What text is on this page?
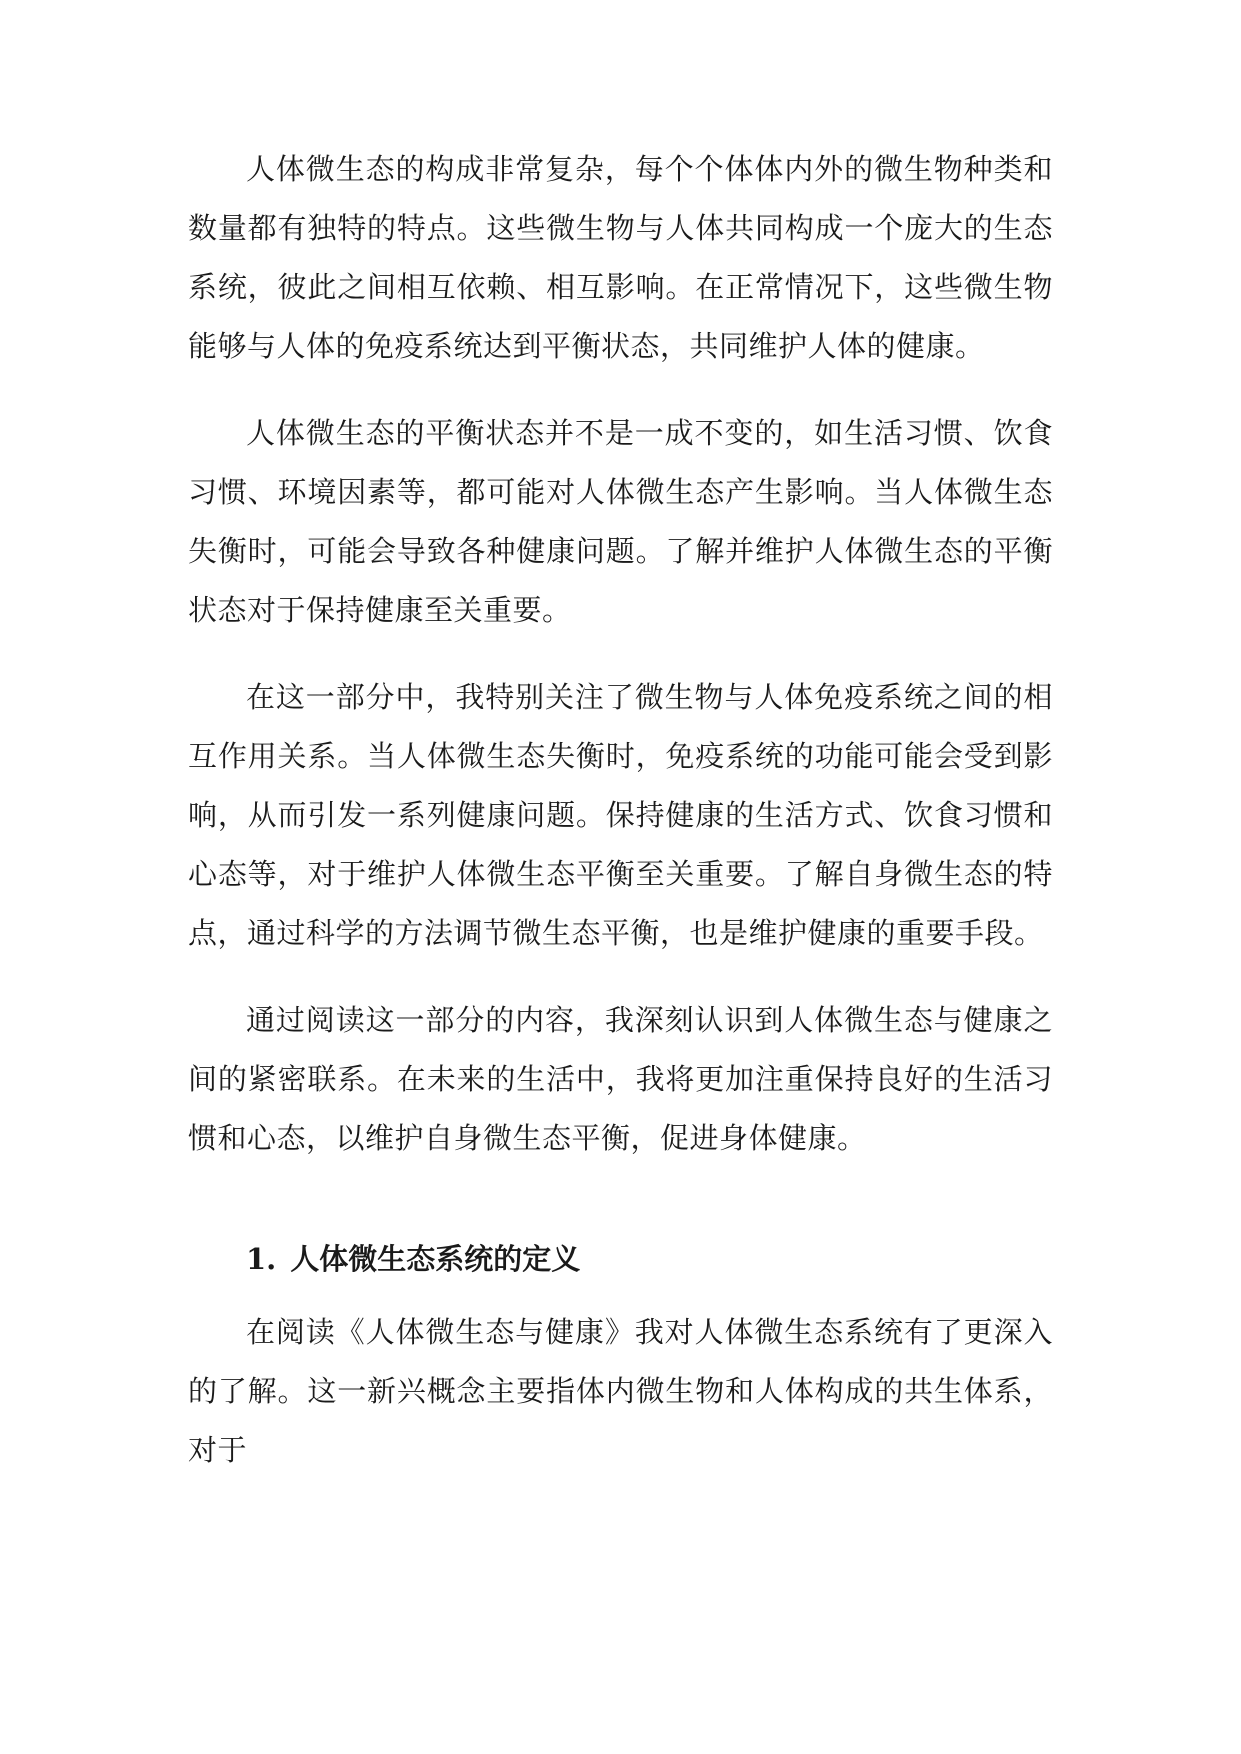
人体微生态的构成非常复杂，每个个体体内外的微生物种类和数量都有独特的特点。这些微生物与人体共同构成一个庞大的生态系统，彼此之间相互依赖、相互影响。在正常情况下，这些微生物能够与人体的免疫系统达到平衡状态，共同维护人体的健康。

人体微生态的平衡状态并不是一成不变的，如生活习惯、饮食习惯、环境因素等，都可能对人体微生态产生影响。当人体微生态失衡时，可能会导致各种健康问题。了解并维护人体微生态的平衡状态对于保持健康至关重要。

在这一部分中，我特别关注了微生物与人体免疫系统之间的相互作用关系。当人体微生态失衡时，免疫系统的功能可能会受到影响，从而引发一系列健康问题。保持健康的生活方式、饮食习惯和心态等，对于维护人体微生态平衡至关重要。了解自身微生态的特点，通过科学的方法调节微生态平衡，也是维护健康的重要手段。

通过阅读这一部分的内容，我深刻认识到人体微生态与健康之间的紧密联系。在未来的生活中，我将更加注重保持良好的生活习惯和心态，以维护自身微生态平衡，促进身体健康。

1. 人体微生态系统的定义

在阅读《人体微生态与健康》我对人体微生态系统有了更深入的了解。这一新兴概念主要指体内微生物和人体构成的共生体系，对于
